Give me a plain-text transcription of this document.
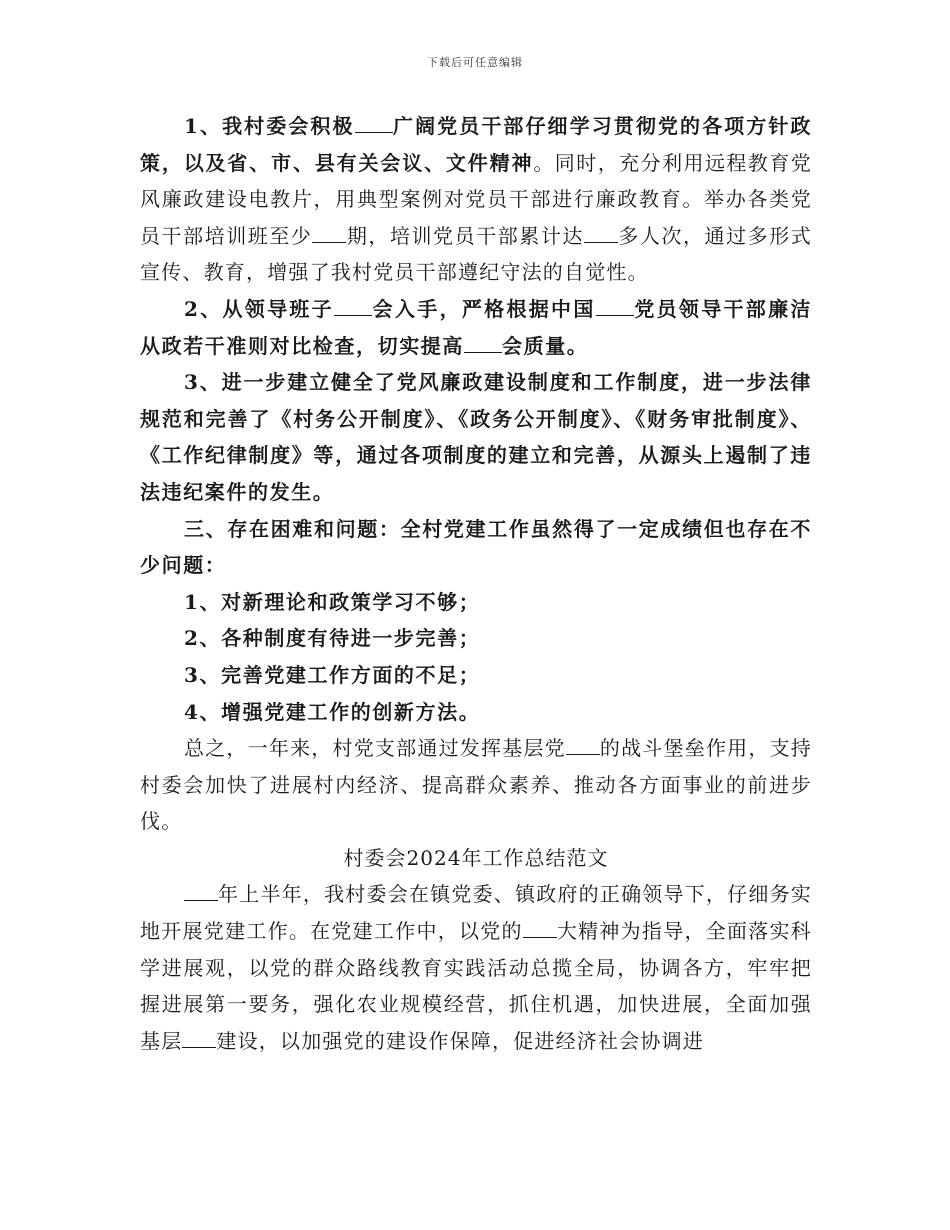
下载后可任意编辑

1、我村委会积极 广阔党员干部仔细学习贯彻党的各项方针政策，以及省、市、县有关会议、文件精神。同时，充分利用远程教育党风廉政建设电教片，用典型案例对党员干部进行廉政教育。举办各类党员干部培训班至少 期，培训党员干部累计达 多人次，通过多形式宣传、教育，增强了我村党员干部遵纪守法的自觉性。

2、从领导班子 会入手，严格根据中国 党员领导干部廉洁从政若干准则对比检查，切实提高 会质量。

3、进一步建立健全了党风廉政建设制度和工作制度，进一步法律规范和完善了《村务公开制度》、《政务公开制度》、《财务审批制度》、《工作纪律制度》等，通过各项制度的建立和完善，从源头上遏制了违法违纪案件的发生。

三、存在困难和问题：全村党建工作虽然得了一定成绩但也存在不少问题：

1、对新理论和政策学习不够；

2、各种制度有待进一步完善；

3、完善党建工作方面的不足；

4、增强党建工作的创新方法。

总之，一年来，村党支部通过发挥基层党 的战斗堡垒作用，支持村委会加快了进展村内经济、提高群众素养、推动各方面事业的前进步伐。

村委会2024年工作总结范文

年上半年，我村委会在镇党委、镇政府的正确领导下，仔细务实地开展党建工作。在党建工作中，以党的 大精神为指导，全面落实科学进展观，以党的群众路线教育实践活动总揽全局，协调各方，牢牢把握进展第一要务，强化农业规模经营，抓住机遇，加快进展，全面加强基层 建设，以加强党的建设作保障，促进经济社会协调进
